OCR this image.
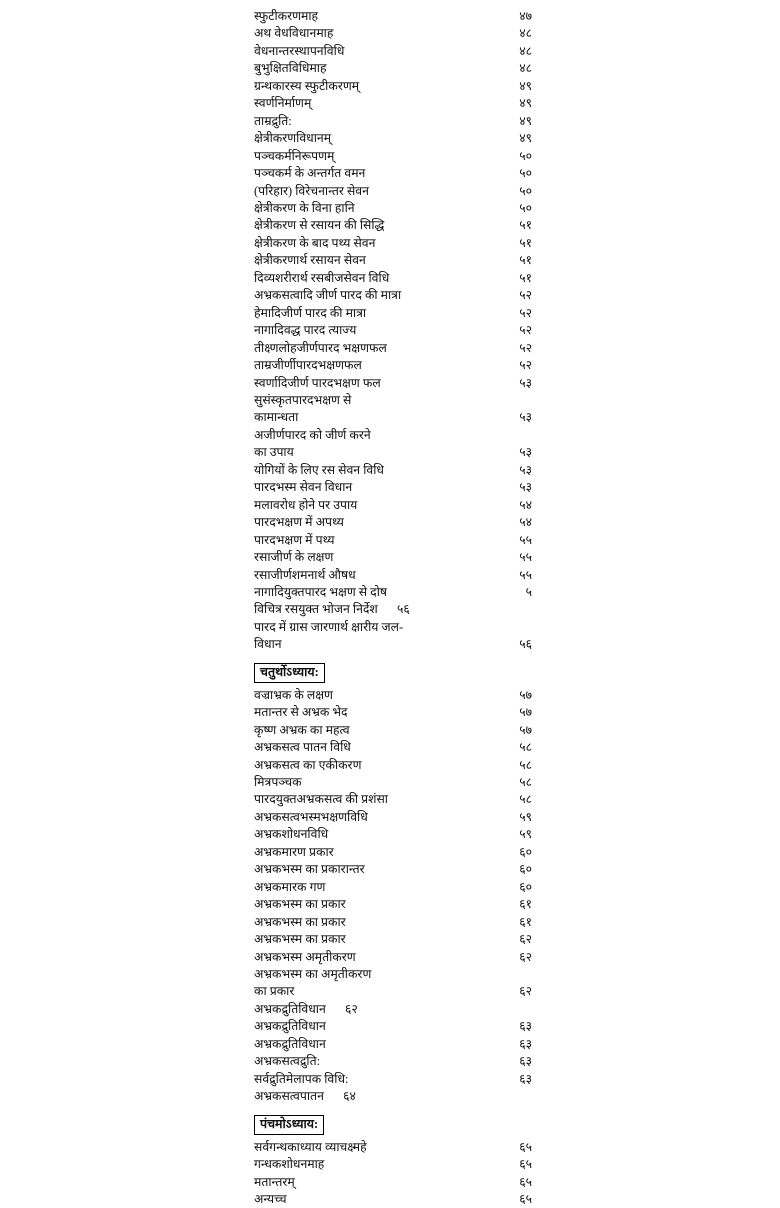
स्फुटीकरणमाह	४७
अथ वेधविधानमाह	४८
वेधनान्तरस्थापनविधि	४८
बुभुक्षितविधिमाह	४८
ग्रन्थकारस्य स्फुटीकरणम्	४९
स्वर्णनिर्माणम्	४९
ताम्रद्रुति:	४९
क्षेत्रीकरणविधानम्	४९
पञ्चकर्मनिरूपणम्	५०
पञ्चकर्म के अन्तर्गत वमन	५०
(परिहार) विरेचनान्तर सेवन	५०
क्षेत्रीकरण के विना हानि	५०
क्षेत्रीकरण से रसायन की सिद्धि	५१
क्षेत्रीकरण के बाद पथ्य सेवन	५१
क्षेत्रीकरणार्थ रसायन सेवन	५१
दिव्यशरीरार्थ रसबीजसेवन विधि	५१
अभ्रकसत्वादि जीर्ण पारद की मात्रा	५२
हेमादिजीर्ण पारद की मात्रा	५२
नागादिवद्ध पारद त्याज्य	५२
तीक्ष्णलोहजीर्णपारद भक्षणफल	५२
ताम्रजीर्णीपारदभक्षणफल	५२
स्वर्णादिजीर्ण पारदभक्षण फल	५३
सुसंस्कृतपारदभक्षण से
कामान्धता	५३
अजीर्णपारद को जीर्ण करने
का उपाय	५३
योगियों के लिए रस सेवन विधि	५३
पारदभस्म सेवन विधान	५३
मलावरोध होने पर उपाय	५४
पारदभक्षण में अपथ्य	५४
पारदभक्षण में पथ्य	५५
रसाजीर्ण के लक्षण	५५
रसाजीर्णशमनार्थ औषध	५५
नागादियुक्तपारद भक्षण से दोष	५
विचित्र रसयुक्त भोजन निर्देश	५६
पारद में ग्रास जारणार्थ क्षारीय जल-
विधान	५६
चतुर्थोऽध्याय:
वज्राभ्रक के लक्षण	५७
मतान्तर से अभ्रक भेद	५७
कृष्ण अभ्रक का महत्व	५७
अभ्रकसत्व पातन विधि	५८
अभ्रकसत्व का एकीकरण	५८
मित्रपञ्चक	५८
पारदयुक्तअभ्रकसत्व की प्रशंसा	५८
अभ्रकसत्वभस्मभक्षणविधि	५९
अभ्रकशोधनविधि	५९
अभ्रकमारण प्रकार	६०
अभ्रकभस्म का प्रकारान्तर	६०
अभ्रकमारक गण	६०
अभ्रकभस्म का प्रकार	६१
अभ्रकभस्म का प्रकार	६१
अभ्रकभस्म का प्रकार	६२
अभ्रकभस्म अमृतीकरण	६२
अभ्रकभस्म का अमृतीकरण
का प्रकार	६२
अभ्रकद्रुतिविधान	६२
अभ्रकद्रुतिविधान	६३
अभ्रकद्रुतिविधान	६३
अभ्रकसत्वद्रुति:	६३
सर्वद्रुतिमेलापक विधि:	६३
अभ्रकसत्वपातन	६४
पंचमोऽध्याय:
सर्वगन्थकाध्याय व्याचक्ष्महे	६५
गन्धकशोधनमाह	६५
मतान्तरम्	६५
अन्यच्च	६५
